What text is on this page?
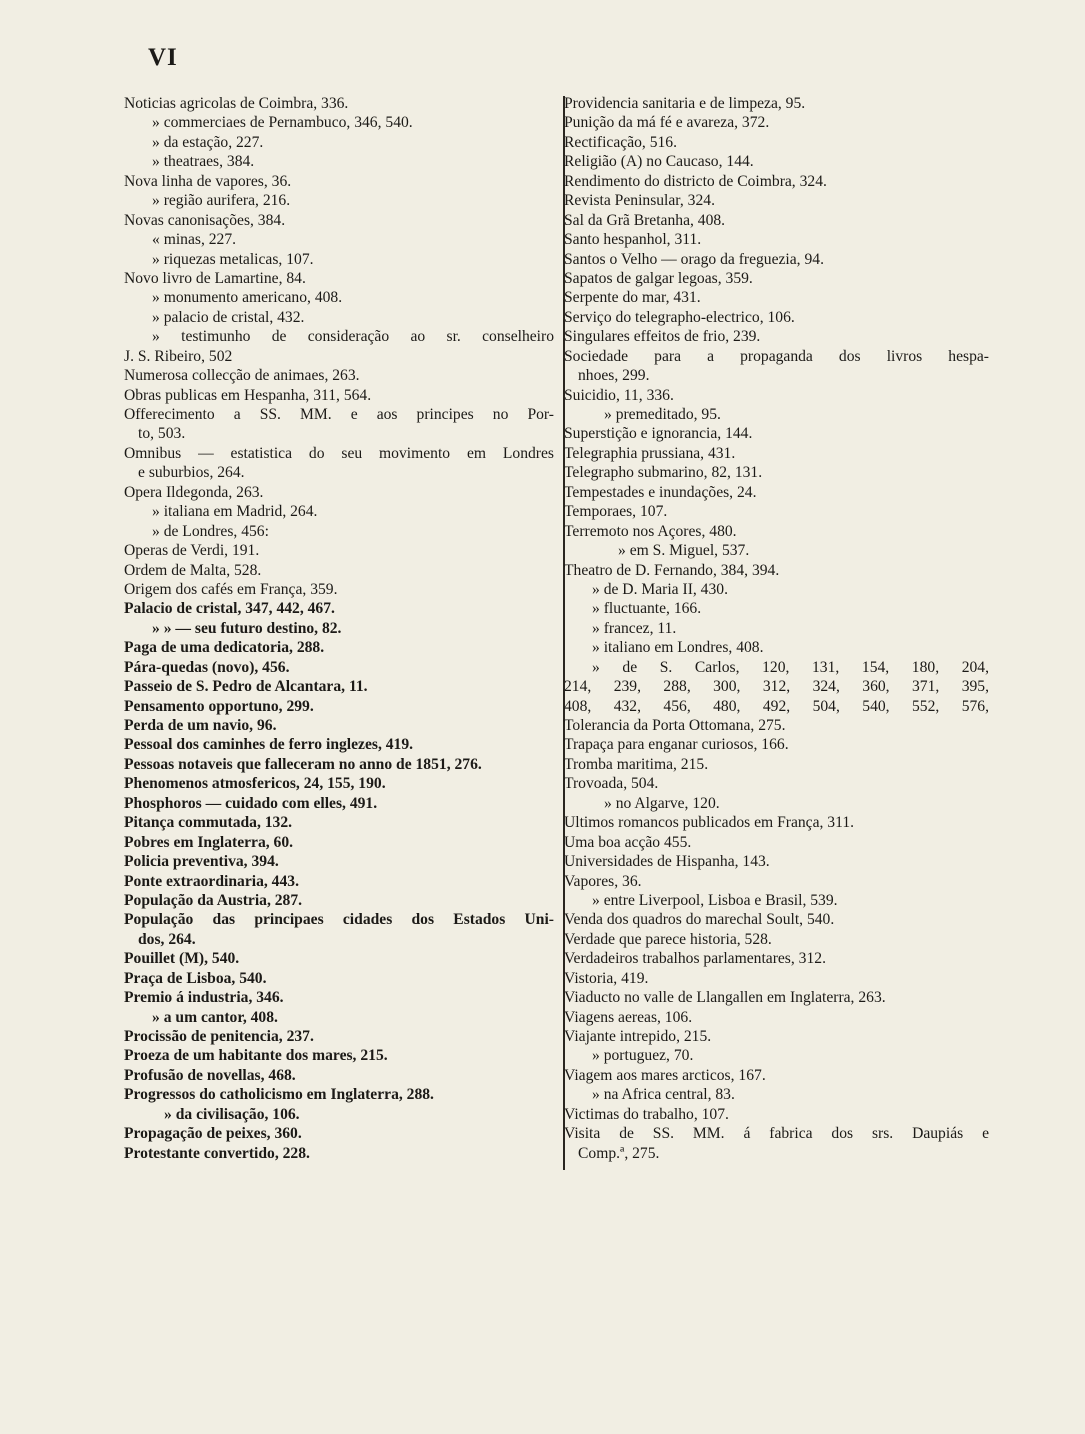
VI
Noticias agricolas de Coimbra, 336.
» commerciaes de Pernambuco, 346, 540.
» da estação, 227.
» theatraes, 384.
Nova linha de vapores, 36.
» região aurifera, 216.
Novas canonisações, 384.
« minas, 227.
» riquezas metalicas, 107.
Novo livro de Lamartine, 84.
» monumento americano, 408.
» palacio de cristal, 432.
» testimunho de consideração ao sr. conselheiro
J. S. Ribeiro, 502
Numerosa collecção de animaes, 263.
Obras publicas em Hespanha, 311, 564.
Offerecimento a SS. MM. e aos principes no Por-
to, 503.
Omnibus — estatistica do seu movimento em Londres
e suburbios, 264.
Opera Ildegonda, 263.
» italiana em Madrid, 264.
» de Londres, 456:
Operas de Verdi, 191.
Ordem de Malta, 528.
Origem dos cafés em França, 359.
Palacio de cristal, 347, 442, 467.
» » — seu futuro destino, 82.
Paga de uma dedicatoria, 288.
Pára-quedas (novo), 456.
Passeio de S. Pedro de Alcantara, 11.
Pensamento opportuno, 299.
Perda de um navio, 96.
Pessoal dos caminhes de ferro inglezes, 419.
Pessoas notaveis que falleceram no anno de 1851, 276.
Phenomenos atmosfericos, 24, 155, 190.
Phosphoros — cuidado com elles, 491.
Pitança commutada, 132.
Pobres em Inglaterra, 60.
Policia preventiva, 394.
Ponte extraordinaria, 443.
População da Austria, 287.
População das principaes cidades dos Estados Uni-
dos, 264.
Pouillet (M), 540.
Praça de Lisboa, 540.
Premio á industria, 346.
» a um cantor, 408.
Procissão de penitencia, 237.
Proeza de um habitante dos mares, 215.
Profusão de novellas, 468.
Progressos do catholicismo em Inglaterra, 288.
» da civilisação, 106.
Propagação de peixes, 360.
Protestante convertido, 228.
Providencia sanitaria e de limpeza, 95.
Punição da má fé e avareza, 372.
Rectificação, 516.
Religião (A) no Caucaso, 144.
Rendimento do districto de Coimbra, 324.
Revista Peninsular, 324.
Sal da Grã Bretanha, 408.
Santo hespanhol, 311.
Santos o Velho — orago da freguezia, 94.
Sapatos de galgar legoas, 359.
Serpente do mar, 431.
Serviço do telegrapho-electrico, 106.
Singulares effeitos de frio, 239.
Sociedade para a propaganda dos livros hespa-
nhoes, 299.
Suicidio, 11, 336.
» premeditado, 95.
Superstição e ignorancia, 144.
Telegraphia prussiana, 431.
Telegrapho submarino, 82, 131.
Tempestades e inundações, 24.
Temporaes, 107.
Terremoto nos Açores, 480.
» em S. Miguel, 537.
Theatro de D. Fernando, 384, 394.
» de D. Maria II, 430.
» fluctuante, 166.
» francez, 11.
» italiano em Londres, 408.
» de S. Carlos, 120, 131, 154, 180, 204,
214, 239, 288, 300, 312, 324, 360, 371, 395,
408, 432, 456, 480, 492, 504, 540, 552, 576,
Tolerancia da Porta Ottomana, 275.
Trapaça para enganar curiosos, 166.
Tromba maritima, 215.
Trovoada, 504.
» no Algarve, 120.
Ultimos romancos publicados em França, 311.
Uma boa acção 455.
Universidades de Hispanha, 143.
Vapores, 36.
» entre Liverpool, Lisboa e Brasil, 539.
Venda dos quadros do marechal Soult, 540.
Verdade que parece historia, 528.
Verdadeiros trabalhos parlamentares, 312.
Vistoria, 419.
Viaducto no valle de Llangallen em Inglaterra, 263.
Viagens aereas, 106.
Viajante intrepido, 215.
» portuguez, 70.
Viagem aos mares arcticos, 167.
» na Africa central, 83.
Victimas do trabalho, 107.
Visita de SS. MM. á fabrica dos srs. Daupiás e
Comp.ª, 275.
